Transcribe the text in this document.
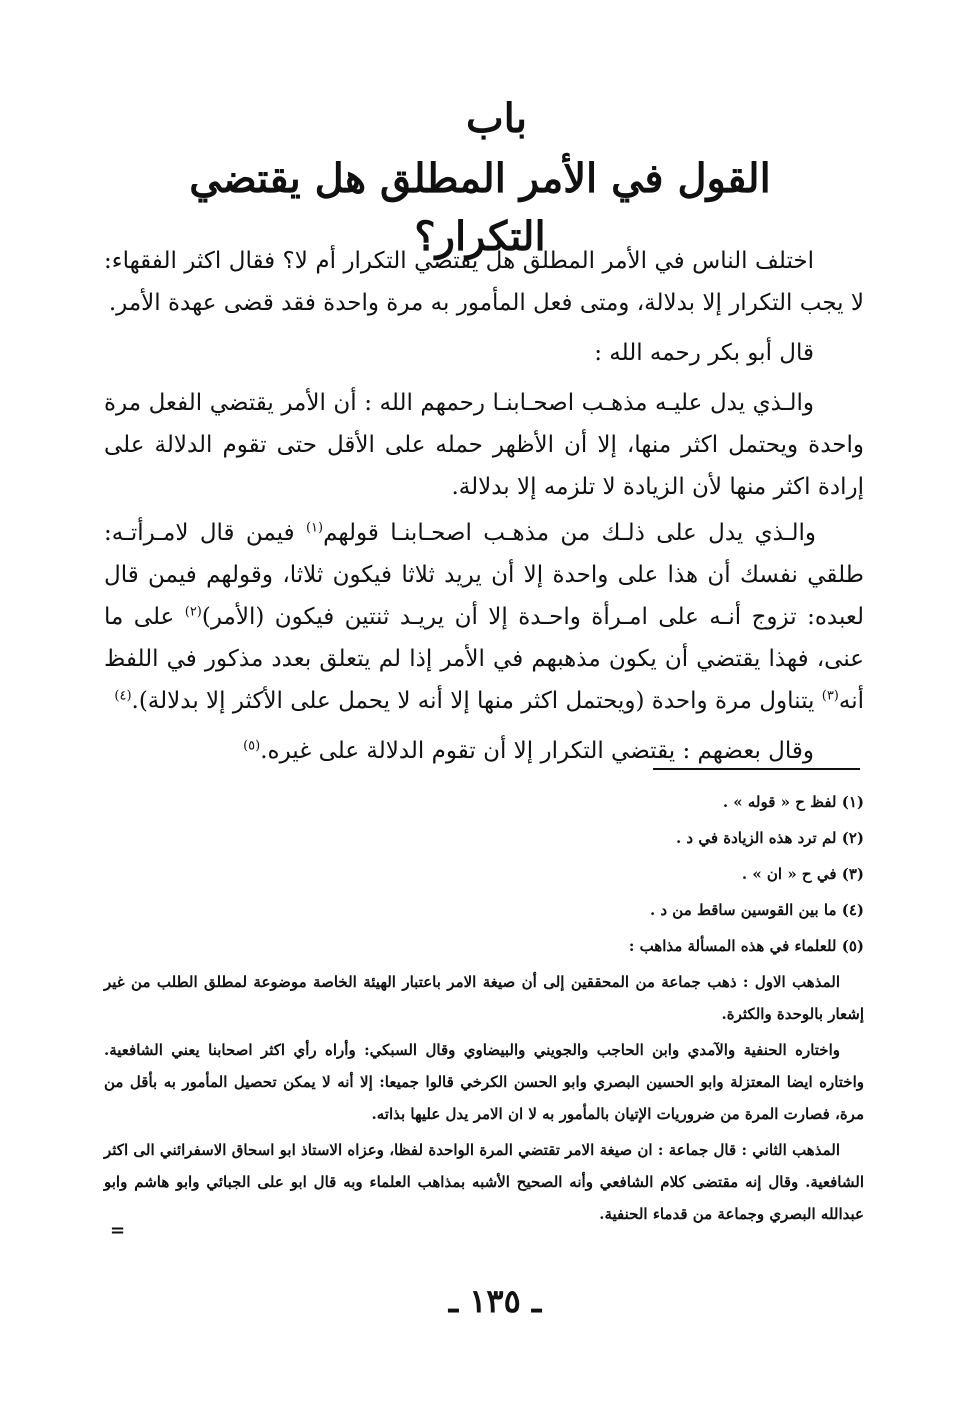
باب
القول في الأمر المطلق هل يقتضي التكرار؟

اختلف الناس في الأمر المطلق هل يقتضي التكرار أم لا؟ فقال اكثر الفقهاء: لا يجب التكرار إلا بدلالة، ومتى فعل المأمور به مرة واحدة فقد قضى عهدة الأمر.

قال أبو بكر رحمه الله :

والـذي يدل عليـه مذهـب اصحـابنـا رحمهم الله : أن الأمر يقتضي الفعل مرة واحدة ويحتمل اكثر منها، إلا أن الأظهر حمله على الأقل حتى تقوم الدلالة على إرادة اكثر منها لأن الزيادة لا تلزمه إلا بدلالة.

والـذي يدل على ذلـك من مذهـب اصحـابنـا قولهم$^{(١)}$ فيمن قال لامـرأتـه: طلقي نفسك أن هذا على واحدة إلا أن يريد ثلاثا فيكون ثلاثا، وقولهم فيمن قال لعبده: تزوج أنـه على امـرأة واحـدة إلا أن يريـد ثنتين فيكون (الأمر)$^{(٢)}$ على ما عنى، فهذا يقتضي أن يكون مذهبهم في الأمر إذا لم يتعلق بعدد مذكور في اللفظ أنه$^{(٣)}$ يتناول مرة واحدة (ويحتمل اكثر منها إلا أنه لا يحمل على الأكثر إلا بدلالة).$^{(٤)}$

وقال بعضهم : يقتضي التكرار إلا أن تقوم الدلالة على غيره.$^{(٥)}$

(١) لفظ ح « قوله » .

(٢) لم ترد هذه الزيادة في د .

(٣) في ح « ان » .

(٤) ما بين القوسين ساقط من د .

(٥) للعلماء في هذه المسألة مذاهب :

المذهب الاول : ذهب جماعة من المحققين إلى أن صيغة الامر باعتبار الهيئة الخاصة موضوعة لمطلق الطلب من غير إشعار بالوحدة والكثرة.

واختاره الحنفية والآمدي وابن الحاجب والجويني والبيضاوي وقال السبكي: وأراه رأي اكثر اصحابنا يعني الشافعية. واختاره ايضا المعتزلة وابو الحسين البصري وابو الحسن الكرخي قالوا جميعا: إلا أنه لا يمكن تحصيل المأمور به بأقل من مرة، فصارت المرة من ضروريات الإتيان بالمأمور به لا ان الامر يدل عليها بذاته.

المذهب الثاني : قال جماعة : ان صيغة الامر تقتضي المرة الواحدة لفظا، وعزاه الاستاذ ابو اسحاق الاسفرائني الى اكثر الشافعية. وقال إنه مقتضى كلام الشافعي وأنه الصحيح الأشبه بمذاهب العلماء وبه قال ابو على الجبائي وابو هاشم وابو عبدالله البصري وجماعة من قدماء الحنفية.

=
ـ ١٣٥ ـ
